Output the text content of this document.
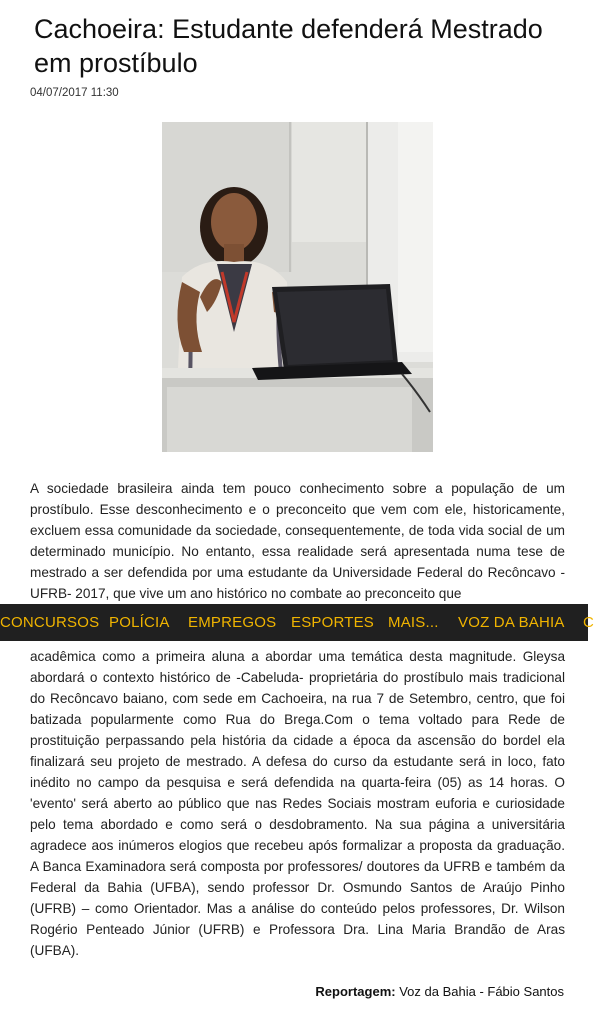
Cachoeira: Estudante defenderá Mestrado em prostíbulo
04/07/2017 11:30

A sociedade brasileira ainda tem pouco conhecimento sobre a população de um prostíbulo. Esse desconhecimento e o preconceito que vem com ele, historicamente, excluem essa comunidade da sociedade, consequentemente, de toda vida social de um determinado município. No entanto, essa realidade será apresentada numa tese de mestrado a ser defendida por uma estudante da Universidade Federal do Recôncavo - UFRB- 2017, que vive um ano histórico no combate ao preconceito que

acadêmica como a primeira aluna a abordar uma temática desta magnitude. Gleysa abordará o contexto histórico de -Cabeluda- proprietária do prostíbulo mais tradicional do Recôncavo baiano, com sede em Cachoeira, na rua 7 de Setembro, centro, que foi batizada popularmente como Rua do Brega.Com o tema voltado para Rede de prostituição perpassando pela história da cidade a época da ascensão do bordel ela finalizará seu projeto de mestrado. A defesa do curso da estudante será in loco, fato inédito no campo da pesquisa e será defendida na quarta-feira (05) as 14 horas. O 'evento' será aberto ao público que nas Redes Sociais mostram euforia e curiosidade pelo tema abordado e como será o desdobramento. Na sua página a universitária agradece aos inúmeros elogios que recebeu após formalizar a proposta da graduação. A Banca Examinadora será composta por professores/ doutores da UFRB e também da Federal da Bahia (UFBA), sendo professor Dr. Osmundo Santos de Araújo Pinho (UFRB) – como Orientador. Mas a análise do conteúdo pelos professores, Dr. Wilson Rogério Penteado Júnior (UFRB) e Professora Dra. Lina Maria Brandão de Aras (UFBA).

CONCURSOS POLÍCIA EMPREGOS ESPORTES MAIS... VOZ DA BAHIA C
Reportagem: Voz da Bahia - Fábio Santos
